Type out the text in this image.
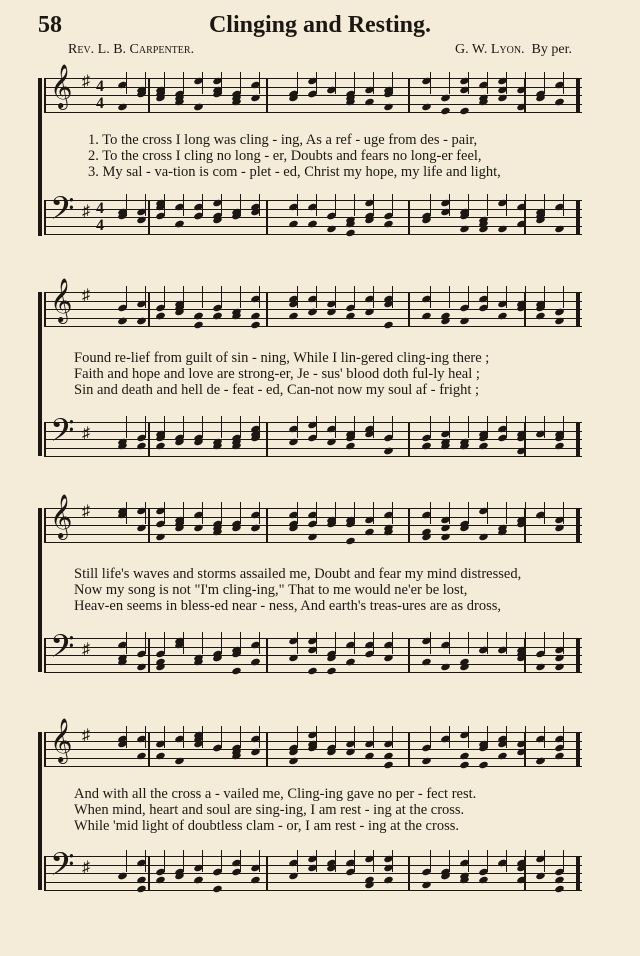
58	Clinging and Resting.
Rev. L. B. Carpenter.	G. W. Lyon. By per.
𝄞 ♯ 4
4
𝄢 ♯ 4
4
1. To the cross I long was cling - ing, As a ref - uge from des - pair,
2. To the cross I cling no long - er, Doubts and fears no long-er feel,
3. My sal - va-tion is com - plet - ed, Christ my hope, my life and light,
𝄞 ♯
𝄢 ♯
Found re-lief from guilt of sin - ning, While I lin-gered cling-ing there ;
Faith and hope and love are strong-er, Je - sus' blood doth ful-ly heal ;
Sin and death and hell de - feat - ed, Can-not now my soul af - fright ;
𝄞 ♯
𝄢 ♯
Still life's waves and storms assailed me, Doubt and fear my mind distressed,
Now my song is not "I'm cling-ing," That to me would ne'er be lost,
Heav-en seems in bless-ed near - ness, And earth's treas-ures are as dross,
𝄞 ♯
𝄢 ♯
And with all the cross a - vailed me, Cling-ing gave no per - fect rest.
When mind, heart and soul are sing-ing, I am rest - ing at the cross.
While 'mid light of doubtless clam - or, I am rest - ing at the cross.
